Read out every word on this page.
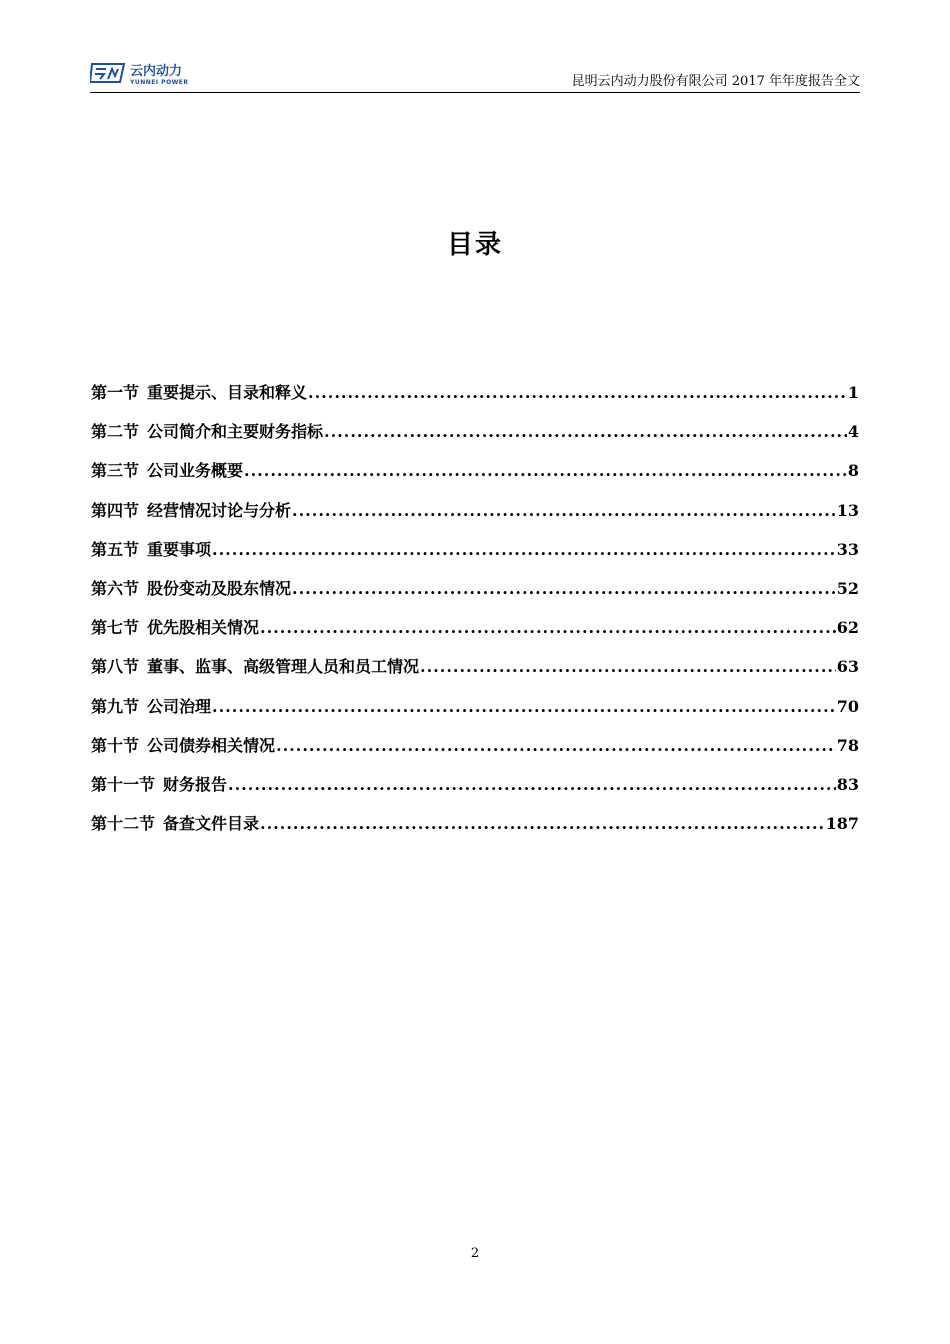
云内动力
YUNNEI POWER	昆明云内动力股份有限公司 2017 年年度报告全文
目录
第一节 重要提示、目录和释义 .....	1
第二节 公司简介和主要财务指标 .....	4
第三节 公司业务概要 .....	8
第四节 经营情况讨论与分析 .....	13
第五节 重要事项 .....	33
第六节 股份变动及股东情况 .....	52
第七节 优先股相关情况 .....	62
第八节 董事、监事、高级管理人员和员工情况 .....	63
第九节 公司治理 .....	70
第十节 公司债券相关情况 .....	78
第十一节 财务报告 .....	83
第十二节 备查文件目录 .....	187
2
